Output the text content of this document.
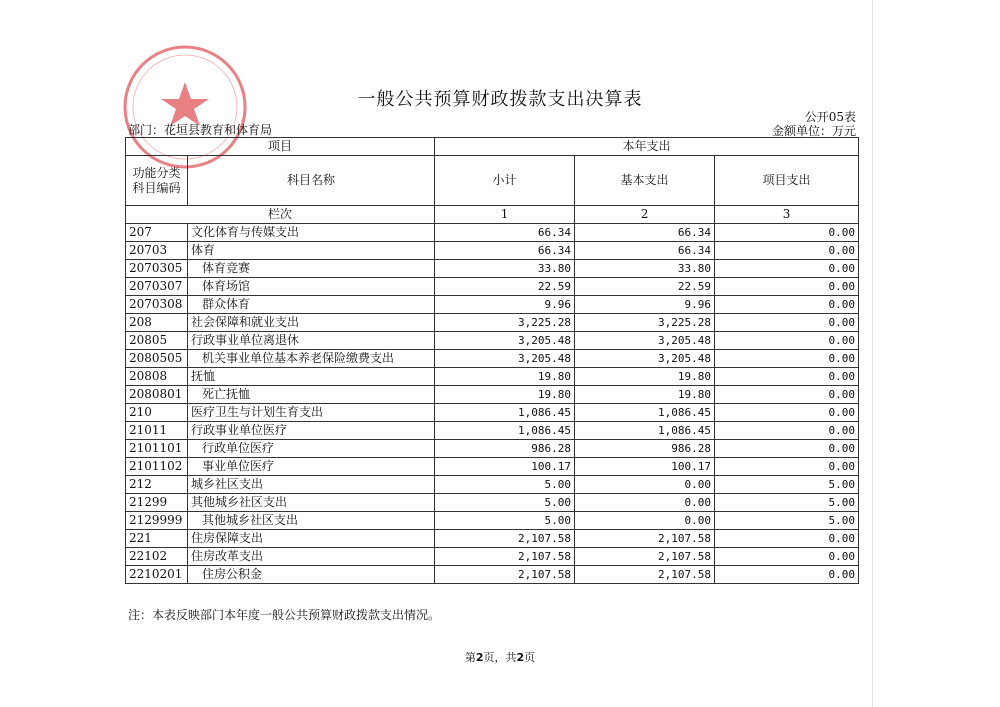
一般公共预算财政拨款支出决算表
公开05表
金额单位：万元
部门：花垣县教育和体育局
项目		本年支出		
功能分类科目编码	科目名称	小计	基本支出	项目支出
栏次		1	2	3
207	文化体育与传媒支出	66.34	66.34	0.00
20703	体育	66.34	66.34	0.00
2070305	体育竞赛	33.80	33.80	0.00
2070307	体育场馆	22.59	22.59	0.00
2070308	群众体育	9.96	9.96	0.00
208	社会保障和就业支出	3,225.28	3,225.28	0.00
20805	行政事业单位离退休	3,205.48	3,205.48	0.00
2080505	机关事业单位基本养老保险缴费支出	3,205.48	3,205.48	0.00
20808	抚恤	19.80	19.80	0.00
2080801	死亡抚恤	19.80	19.80	0.00
210	医疗卫生与计划生育支出	1,086.45	1,086.45	0.00
21011	行政事业单位医疗	1,086.45	1,086.45	0.00
2101101	行政单位医疗	986.28	986.28	0.00
2101102	事业单位医疗	100.17	100.17	0.00
212	城乡社区支出	5.00	0.00	5.00
21299	其他城乡社区支出	5.00	0.00	5.00
2129999	其他城乡社区支出	5.00	0.00	5.00
221	住房保障支出	2,107.58	2,107.58	0.00
22102	住房改革支出	2,107.58	2,107.58	0.00
2210201	住房公积金	2,107.58	2,107.58	0.00
注：本表反映部门本年度一般公共预算财政拨款支出情况。
第2页，共2页
